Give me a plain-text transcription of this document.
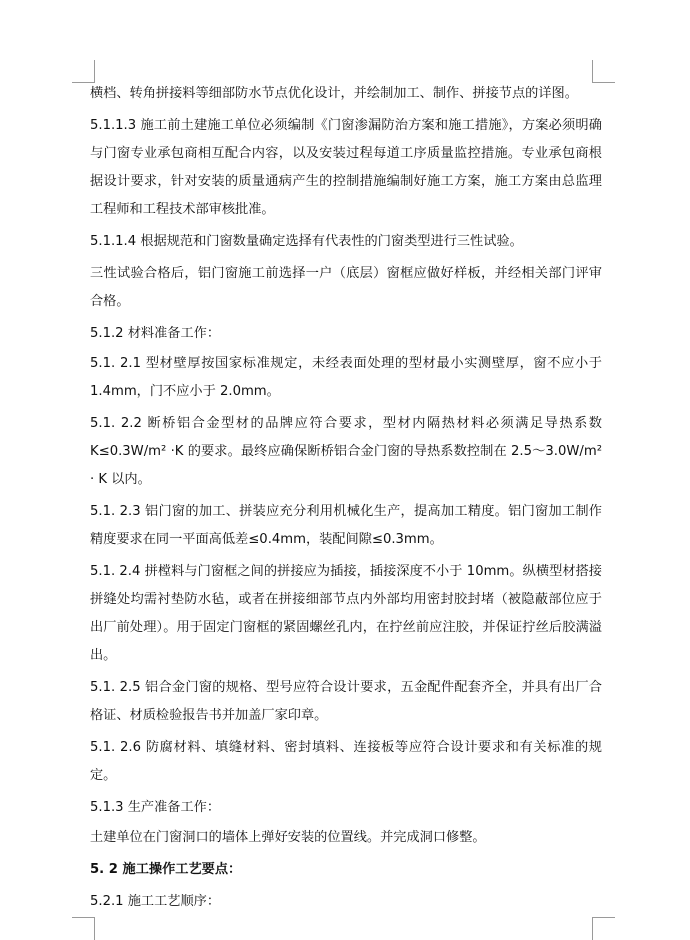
横档、转角拼接料等细部防水节点优化设计，并绘制加工、制作、拼接节点的详图。

5.1.1.3 施工前土建施工单位必须编制《门窗渗漏防治方案和施工措施》，方案必须明确与门窗专业承包商相互配合内容，以及安装过程每道工序质量监控措施。专业承包商根据设计要求，针对安装的质量通病产生的控制措施编制好施工方案，施工方案由总监理工程师和工程技术部审核批准。

5.1.1.4 根据规范和门窗数量确定选择有代表性的门窗类型进行三性试验。

三性试验合格后，铝门窗施工前选择一户（底层）窗框应做好样板，并经相关部门评审合格。

5.1.2 材料准备工作：

5.1. 2.1 型材壁厚按国家标准规定，未经表面处理的型材最小实测壁厚，窗不应小于 1.4mm，门不应小于 2.0mm。

5.1. 2.2 断桥铝合金型材的品牌应符合要求，型材内隔热材料必须满足导热系数 K≤0.3W/m² ·K 的要求。最终应确保断桥铝合金门窗的导热系数控制在 2.5～3.0W/m² · K 以内。

5.1. 2.3 铝门窗的加工、拼装应充分利用机械化生产，提高加工精度。铝门窗加工制作精度要求在同一平面高低差≤0.4mm，装配间隙≤0.3mm。

5.1. 2.4 拼樘料与门窗框之间的拼接应为插接，插接深度不小于 10mm。纵横型材搭接拼缝处均需衬垫防水毡，或者在拼接细部节点内外部均用密封胶封堵（被隐蔽部位应于出厂前处理）。用于固定门窗框的紧固螺丝孔内，在拧丝前应注胶，并保证拧丝后胶满溢出。

5.1. 2.5 铝合金门窗的规格、型号应符合设计要求，五金配件配套齐全，并具有出厂合格证、材质检验报告书并加盖厂家印章。

5.1. 2.6 防腐材料、填缝材料、密封填料、连接板等应符合设计要求和有关标准的规定。

5.1.3 生产准备工作：

土建单位在门窗洞口的墙体上弹好安装的位置线。并完成洞口修整。

5. 2 施工操作工艺要点：

5.2.1 施工工艺顺序：
